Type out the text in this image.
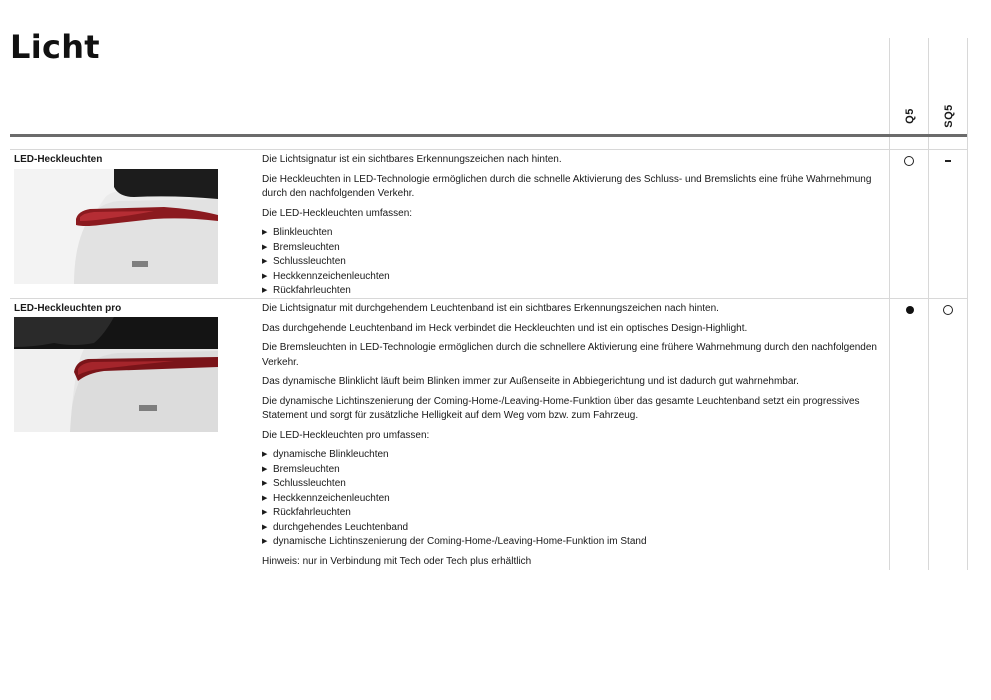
Licht
Q5 SQ5
LED-Heckleuchten	Die Lichtsignatur ist ein sichtbares Erkennungszeichen nach hinten.

Die Heckleuchten in LED-Technologie ermöglichen durch die schnelle Aktivierung des Schluss- und Bremslichts eine frühe Wahrnehmung durch den nachfolgenden Verkehr.

Die LED-Heckleuchten umfassen:

▶ Blinkleuchten
▶ Bremsleuchten
▶ Schlussleuchten
▶ Heckkennzeichenleuchten
▶ Rückfahrleuchten
LED-Heckleuchten pro	Die Lichtsignatur mit durchgehendem Leuchtenband ist ein sichtbares Erkennungszeichen nach hinten.

Das durchgehende Leuchtenband im Heck verbindet die Heckleuchten und ist ein optisches Design-Highlight.

Die Bremsleuchten in LED-Technologie ermöglichen durch die schnellere Aktivierung eine frühere Wahrnehmung durch den nachfolgenden Verkehr.

Das dynamische Blinklicht läuft beim Blinken immer zur Außenseite in Abbiegerichtung und ist dadurch gut wahrnehmbar.

Die dynamische Lichtinszenierung der Coming-Home-/Leaving-Home-Funktion über das gesamte Leuchtenband setzt ein progressives Statement und sorgt für zusätzliche Helligkeit auf dem Weg vom bzw. zum Fahrzeug.

Die LED-Heckleuchten pro umfassen:

▶ dynamische Blinkleuchten
▶ Bremsleuchten
▶ Schlussleuchten
▶ Heckkennzeichenleuchten
▶ Rückfahrleuchten
▶ durchgehendes Leuchtenband
▶ dynamische Lichtinszenierung der Coming-Home-/Leaving-Home-Funktion im Stand

Hinweis: nur in Verbindung mit Tech oder Tech plus erhältlich
